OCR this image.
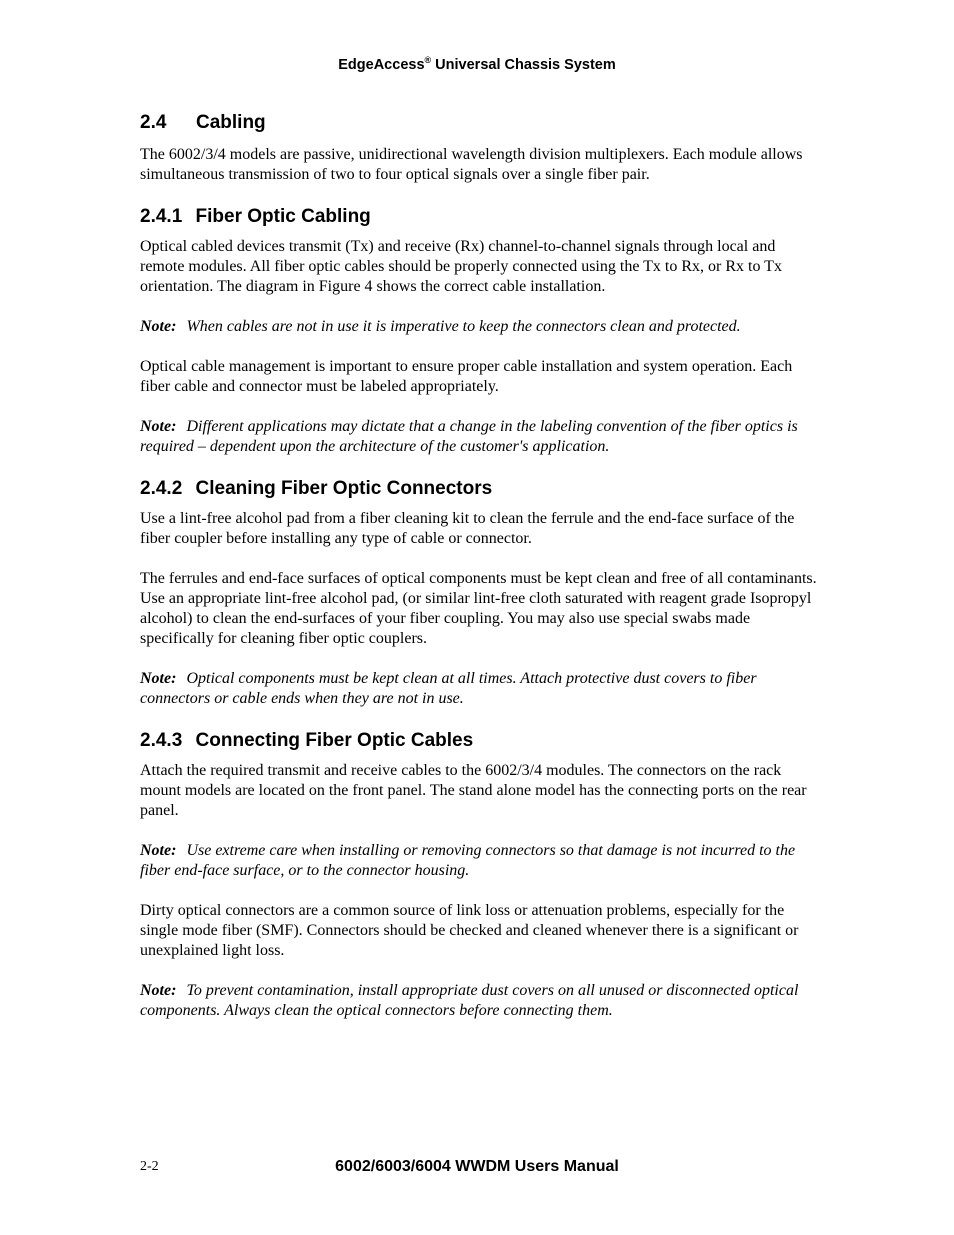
EdgeAccess® Universal Chassis System
2.4	Cabling

The 6002/3/4 models are passive, unidirectional wavelength division multiplexers. Each module allows simultaneous transmission of two to four optical signals over a single fiber pair.

2.4.1 Fiber Optic Cabling

Optical cabled devices transmit (Tx) and receive (Rx) channel-to-channel signals through local and remote modules. All fiber optic cables should be properly connected using the Tx to Rx, or Rx to Tx orientation. The diagram in Figure 4 shows the correct cable installation.

Note: When cables are not in use it is imperative to keep the connectors clean and protected.

Optical cable management is important to ensure proper cable installation and system operation. Each fiber cable and connector must be labeled appropriately.

Note: Different applications may dictate that a change in the labeling convention of the fiber optics is required – dependent upon the architecture of the customer's application.

2.4.2 Cleaning Fiber Optic Connectors

Use a lint-free alcohol pad from a fiber cleaning kit to clean the ferrule and the end-face surface of the fiber coupler before installing any type of cable or connector.

The ferrules and end-face surfaces of optical components must be kept clean and free of all contaminants. Use an appropriate lint-free alcohol pad, (or similar lint-free cloth saturated with reagent grade Isopropyl alcohol) to clean the end-surfaces of your fiber coupling. You may also use special swabs made specifically for cleaning fiber optic couplers.

Note: Optical components must be kept clean at all times. Attach protective dust covers to fiber connectors or cable ends when they are not in use.

2.4.3 Connecting Fiber Optic Cables

Attach the required transmit and receive cables to the 6002/3/4 modules. The connectors on the rack mount models are located on the front panel. The stand alone model has the connecting ports on the rear panel.

Note: Use extreme care when installing or removing connectors so that damage is not incurred to the fiber end-face surface, or to the connector housing.

Dirty optical connectors are a common source of link loss or attenuation problems, especially for the single mode fiber (SMF). Connectors should be checked and cleaned whenever there is a significant or unexplained light loss.

Note: To prevent contamination, install appropriate dust covers on all unused or disconnected optical components. Always clean the optical connectors before connecting them.

2-2	6002/6003/6004 WWDM Users Manual
